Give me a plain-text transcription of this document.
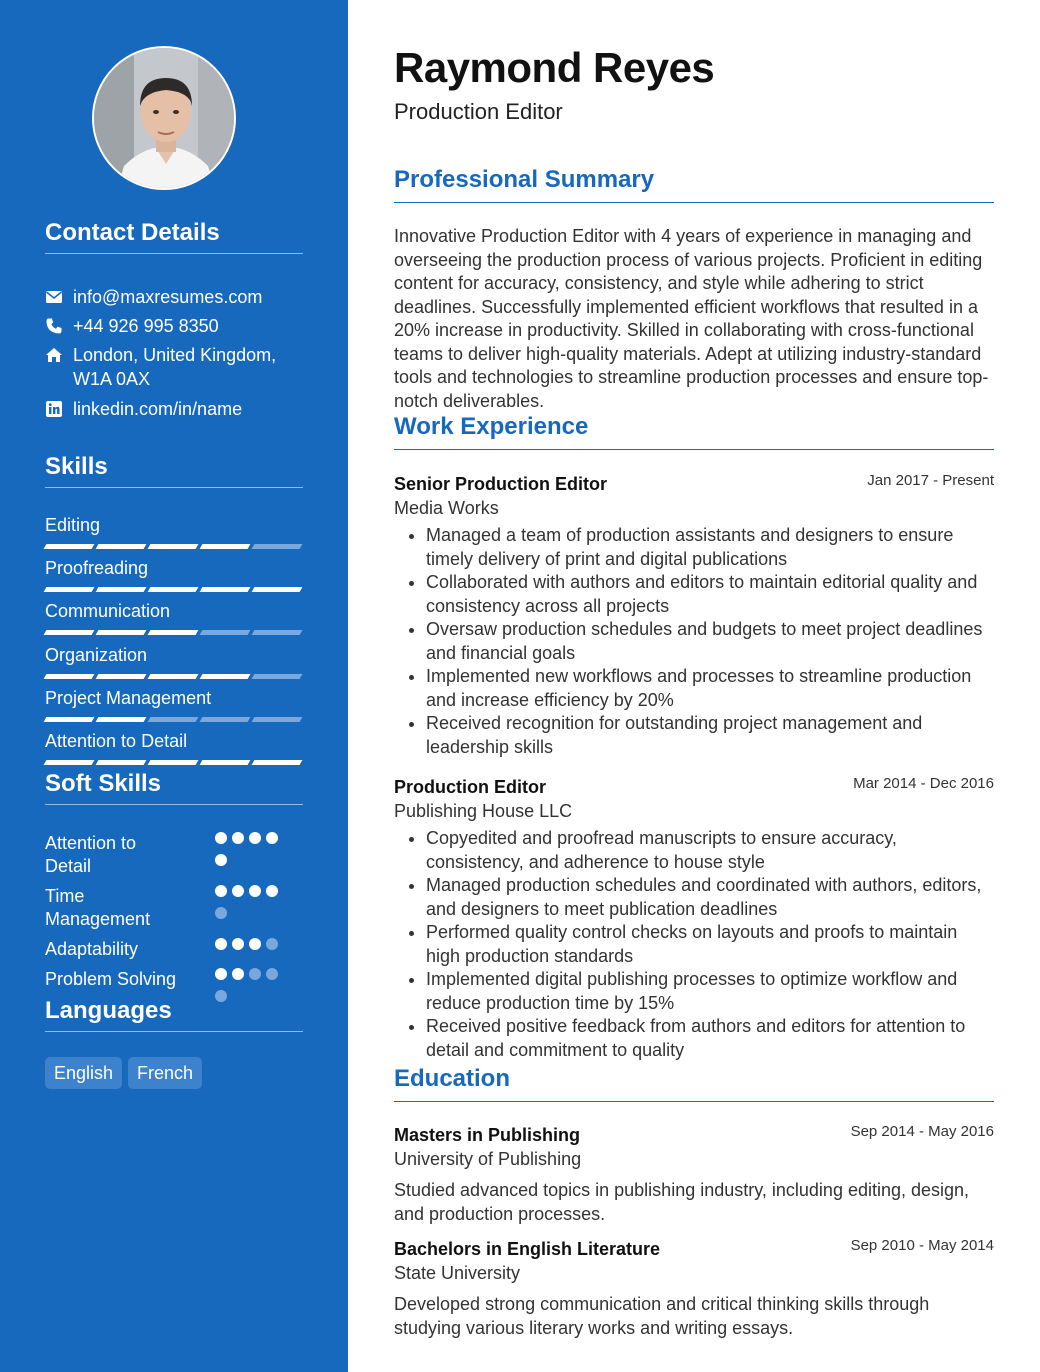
Contact Details
info@maxresumes.com
+44 926 995 8350
London, United Kingdom, W1A 0AX
linkedin.com/in/name
Skills
Editing
Proofreading
Communication
Organization
Project Management
Attention to Detail
Soft Skills
Attention to Detail
Time Management
Adaptability
Problem Solving
Languages
English	French
Raymond Reyes
Production Editor
Professional Summary
Innovative Production Editor with 4 years of experience in managing and overseeing the production process of various projects. Proficient in editing content for accuracy, consistency, and style while adhering to strict deadlines. Successfully implemented efficient workflows that resulted in a 20% increase in productivity. Skilled in collaborating with cross-functional teams to deliver high-quality materials. Adept at utilizing industry-standard tools and technologies to streamline production processes and ensure top-notch deliverables.
Work Experience
Senior Production Editor	Jan 2017 - Present
Media Works
• Managed a team of production assistants and designers to ensure timely delivery of print and digital publications
• Collaborated with authors and editors to maintain editorial quality and consistency across all projects
• Oversaw production schedules and budgets to meet project deadlines and financial goals
• Implemented new workflows and processes to streamline production and increase efficiency by 20%
• Received recognition for outstanding project management and leadership skills
Production Editor	Mar 2014 - Dec 2016
Publishing House LLC
• Copyedited and proofread manuscripts to ensure accuracy, consistency, and adherence to house style
• Managed production schedules and coordinated with authors, editors, and designers to meet publication deadlines
• Performed quality control checks on layouts and proofs to maintain high production standards
• Implemented digital publishing processes to optimize workflow and reduce production time by 15%
• Received positive feedback from authors and editors for attention to detail and commitment to quality
Education
Masters in Publishing	Sep 2014 - May 2016
University of Publishing
Studied advanced topics in publishing industry, including editing, design, and production processes.
Bachelors in English Literature	Sep 2010 - May 2014
State University
Developed strong communication and critical thinking skills through studying various literary works and writing essays.
